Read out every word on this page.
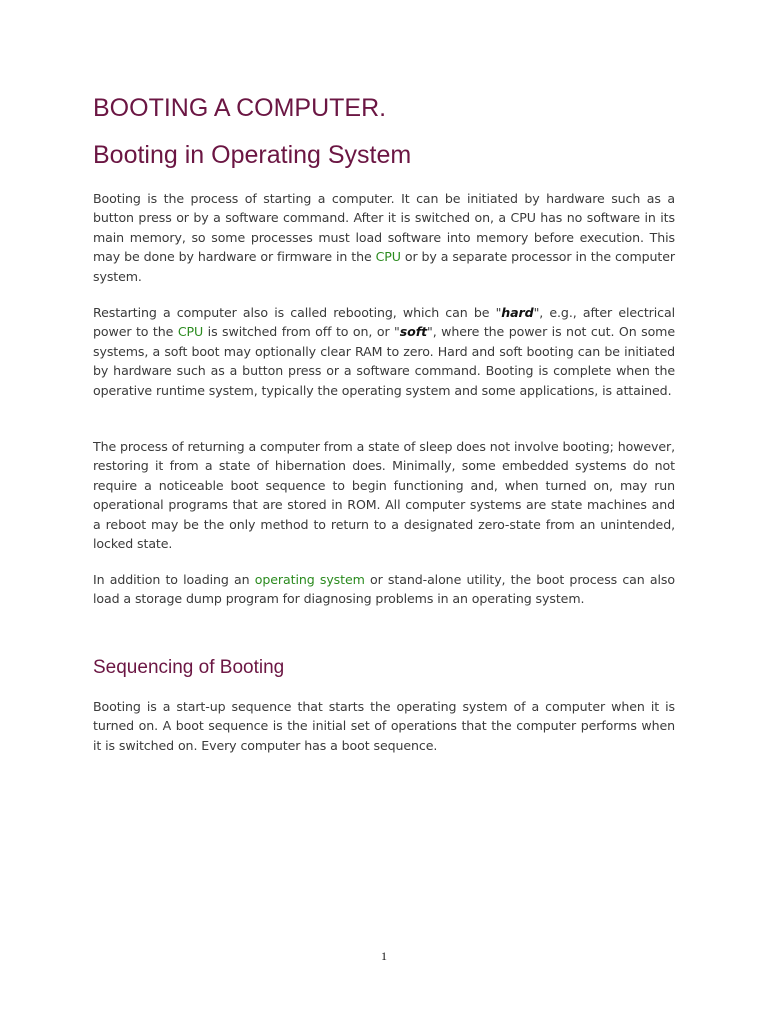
BOOTING A COMPUTER.
Booting in Operating System

Booting is the process of starting a computer. It can be initiated by hardware such as a button press or by a software command. After it is switched on, a CPU has no software in its main memory, so some processes must load software into memory before execution. This may be done by hardware or firmware in the CPU or by a separate processor in the computer system.

Restarting a computer also is called rebooting, which can be "hard", e.g., after electrical power to the CPU is switched from off to on, or "soft", where the power is not cut. On some systems, a soft boot may optionally clear RAM to zero. Hard and soft booting can be initiated by hardware such as a button press or a software command. Booting is complete when the operative runtime system, typically the operating system and some applications, is attained.

The process of returning a computer from a state of sleep does not involve booting; however, restoring it from a state of hibernation does. Minimally, some embedded systems do not require a noticeable boot sequence to begin functioning and, when turned on, may run operational programs that are stored in ROM. All computer systems are state machines and a reboot may be the only method to return to a designated zero-state from an unintended, locked state.

In addition to loading an operating system or stand-alone utility, the boot process can also load a storage dump program for diagnosing problems in an operating system.

Sequencing of Booting

Booting is a start-up sequence that starts the operating system of a computer when it is turned on. A boot sequence is the initial set of operations that the computer performs when it is switched on. Every computer has a boot sequence.

1
